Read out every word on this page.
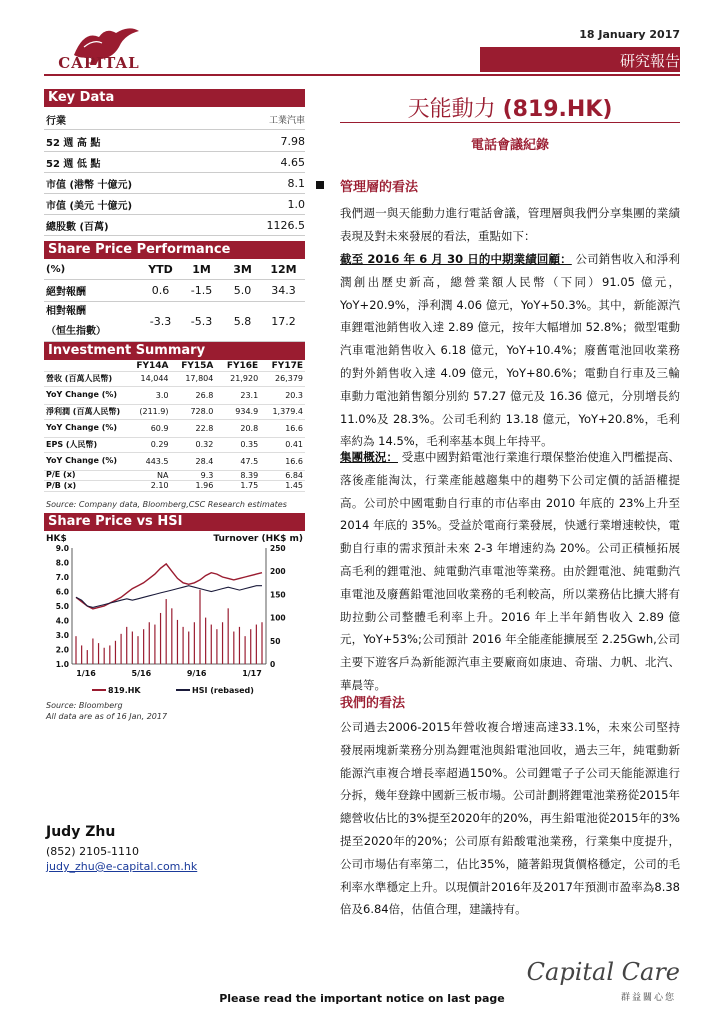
CAPITAL
18 January 2017
研究報告
Key Data
行業	工業汽車
52 週 高 點	7.98
52 週 低 點	4.65
市值 (港幣 十億元)	8.1
市值 (美元 十億元)	1.0
總股數 (百萬)	1126.5
Share Price Performance
(%)	YTD	1M	3M	12M
絕對報酬	0.6	-1.5	5.0	34.3
相對報酬
（恒生指數）
-3.3	-5.3	5.8	17.2
Investment Summary
FY14A	FY15A	FY16E	FY17E
營收 (百萬人民幣)	14,044	17,804	21,920	26,379
YoY Change (%)	3.0	26.8	23.1	20.3
淨利潤 (百萬人民幣)	(211.9)	728.0	934.9	1,379.4
YoY Change (%)	60.9	22.8	20.8	16.6
EPS (人民幣)	0.29	0.32	0.35	0.41
YoY Change (%)	443.5	28.4	47.5	16.6
P/E (x)	NA	9.3	8.39	6.84
P/B (x)	2.10	1.96	1.75	1.45
Source: Company data, Bloomberg,CSC Research estimates
Share Price vs HSI
HK$	Turnover (HK$ m)
9.0
8.0
7.0
6.0
5.0
4.0
3.0
2.0
1.0
250
200
150
100
50
0
1/16	5/16	9/16	1/17
819.HK	HSI (rebased)
Source: Bloomberg
All data are as of 16 Jan, 2017
Judy Zhu
(852) 2105-1110
judy_zhu@e-capital.com.hk
天能動力 (819.HK)
電話會議紀錄
管理層的看法
我們週一與天能動力進行電話會議，管理層與我們分享集團的業績表現及對未來發展的看法，重點如下：
截至 2016 年 6 月 30 日的中期業績回顧： 公司銷售收入和淨利潤創出歷史新高，總營業額人民幣（下同）91.05 億元，YoY+20.9%，淨利潤 4.06 億元，YoY+50.3%。其中，新能源汽車鋰電池銷售收入達 2.89 億元，按年大幅增加 52.8%；微型電動汽車電池銷售收入 6.18 億元，YoY+10.4%；廢舊電池回收業務的對外銷售收入達 4.09 億元，YoY+80.6%；電動自行車及三輪車動力電池銷售額分別約 57.27 億元及 16.36 億元，分別增長約 11.0%及 28.3%。公司毛利約 13.18 億元，YoY+20.8%，毛利率約為 14.5%，毛利率基本與上年持平。
集團概況： 受惠中國對鉛電池行業進行環保整治使進入門檻提高、落後產能淘汰，行業產能越趨集中的趨勢下公司定價的話語權提高。公司於中國電動自行車的市佔率由 2010 年底的 23%上升至 2014 年底的 35%。受益於電商行業發展，快遞行業增速較快，電動自行車的需求預計未來 2-3 年增速約為 20%。公司正積極拓展高毛利的鋰電池、純電動汽車電池等業務。由於鋰電池、純電動汽車電池及廢舊鉛電池回收業務的毛利較高，所以業務佔比擴大將有助拉動公司整體毛利率上升。2016 年上半年銷售收入 2.89 億元，YoY+53%;公司預計 2016 年全能產能擴展至 2.25Gwh,公司主要下遊客戶為新能源汽車主要廠商如康迪、奇瑞、力帆、北汽、華晨等。
我們的看法
公司過去2006-2015年營收複合增速高達33.1%，未來公司堅持發展兩塊新業務分別為鋰電池與鉛電池回收，過去三年，純電動新能源汽車複合增長率超過150%。公司鋰電子子公司天能能源進行分拆，幾年登錄中國新三板市場。公司計劃將鋰電池業務從2015年總營收佔比的3%提至2020年的20%，再生鉛電池從2015年的3%提至2020年的20%；公司原有鉛酸電池業務，行業集中度提升，公司市場佔有率第二，佔比35%，隨著鉛現貨價格穩定，公司的毛利率水準穩定上升。以現價計2016年及2017年預測市盈率為8.38倍及6.84倍，估值合理，建議持有。
Capital Care
群益關心您
Please read the important notice on last page
